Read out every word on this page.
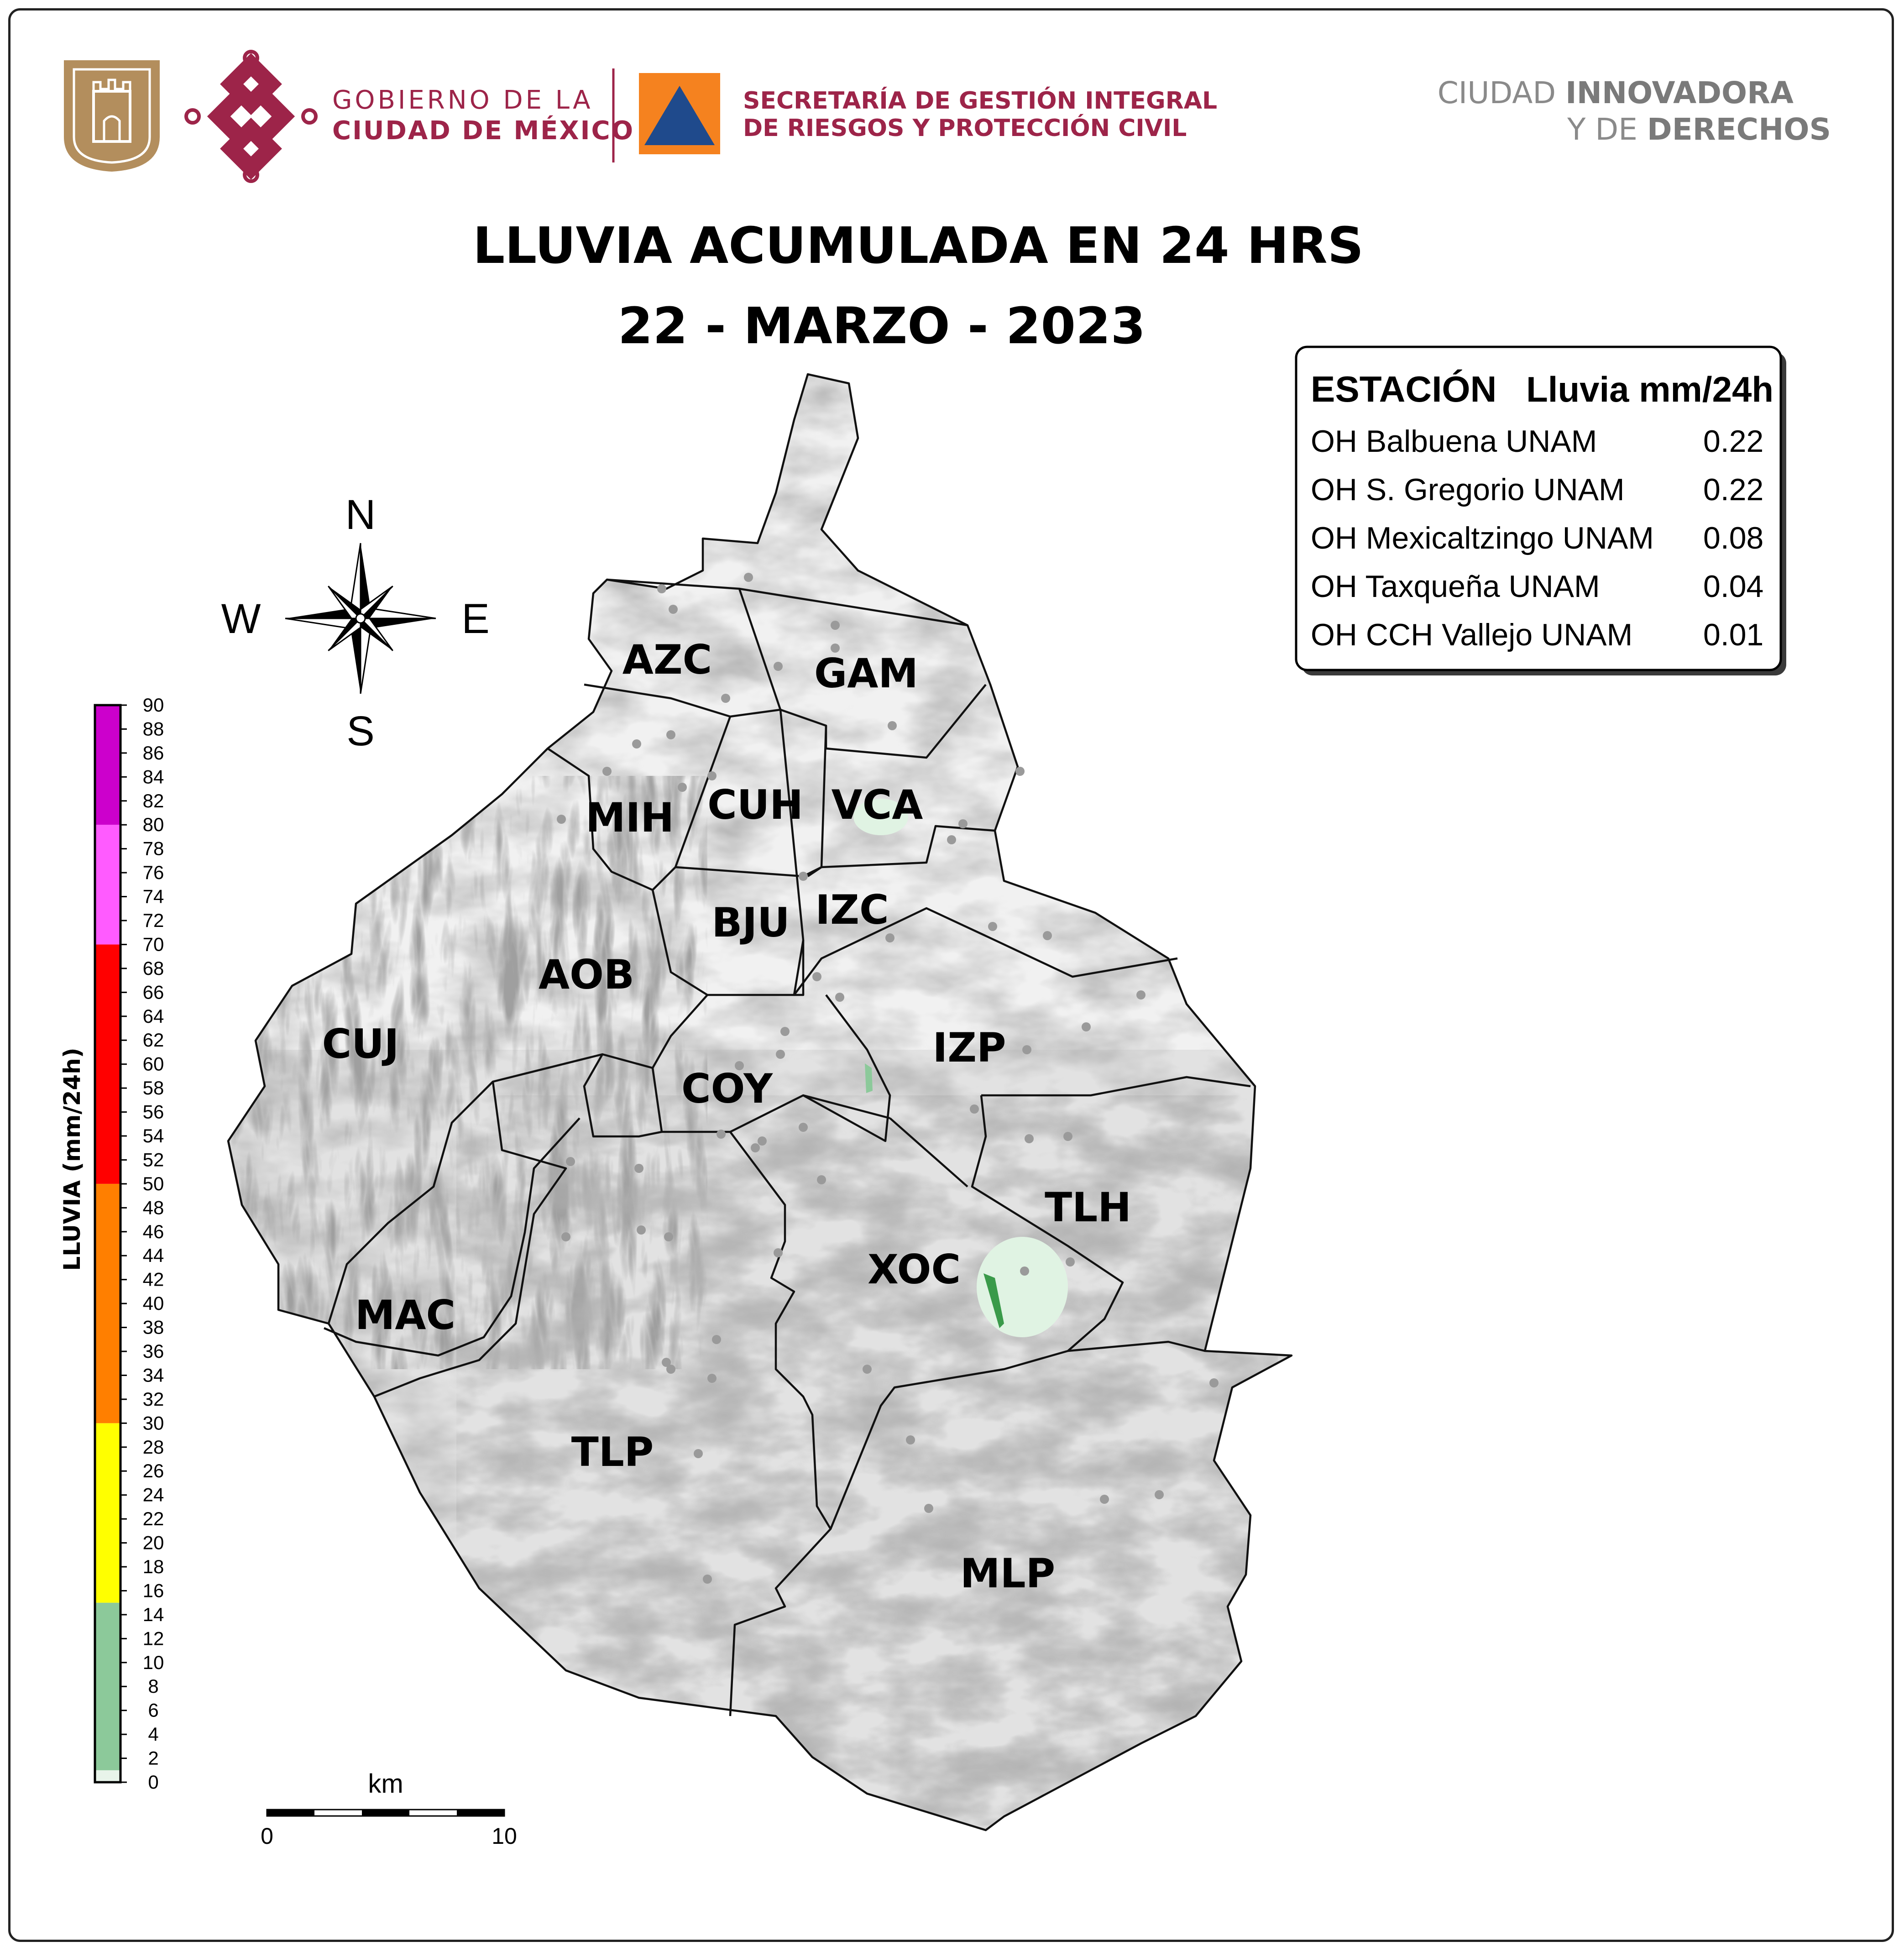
AZC	GAM
MIH CUH VCA
BJU IZC
AOB
CUJ	IZP
COY
TLH
XOC
MAC
TLP
MLP
LLUVIA ACUMULADA EN 24 HRS
22 - MARZO - 2023
N
S
E
W
LLUVIA (mm/24h)
0
2
4
6
8
10
12
14
16
18
20
22
24
26
28
30
32
34
36
38
40
42
44
46
48
50
52
54
56
58
60
62
64
66
68
70
72
74
76
78
80
82
84
86
88
90
km
0	10
ESTACIÓN Lluvia mm/24h
OH Balbuena UNAM	0.22
OH S. Gregorio UNAM	0.22
OH Mexicaltzingo UNAM 0.08
OH Taxqueña UNAM	0.04
OH CCH Vallejo UNAM 0.01
GOBIERNO DE LA
CIUDAD DE MÉXICO
SECRETARÍA DE GESTIÓN INTEGRAL
DE RIESGOS Y PROTECCIÓN CIVIL
CIUDAD INNOVADORA
Y DE DERECHOS
